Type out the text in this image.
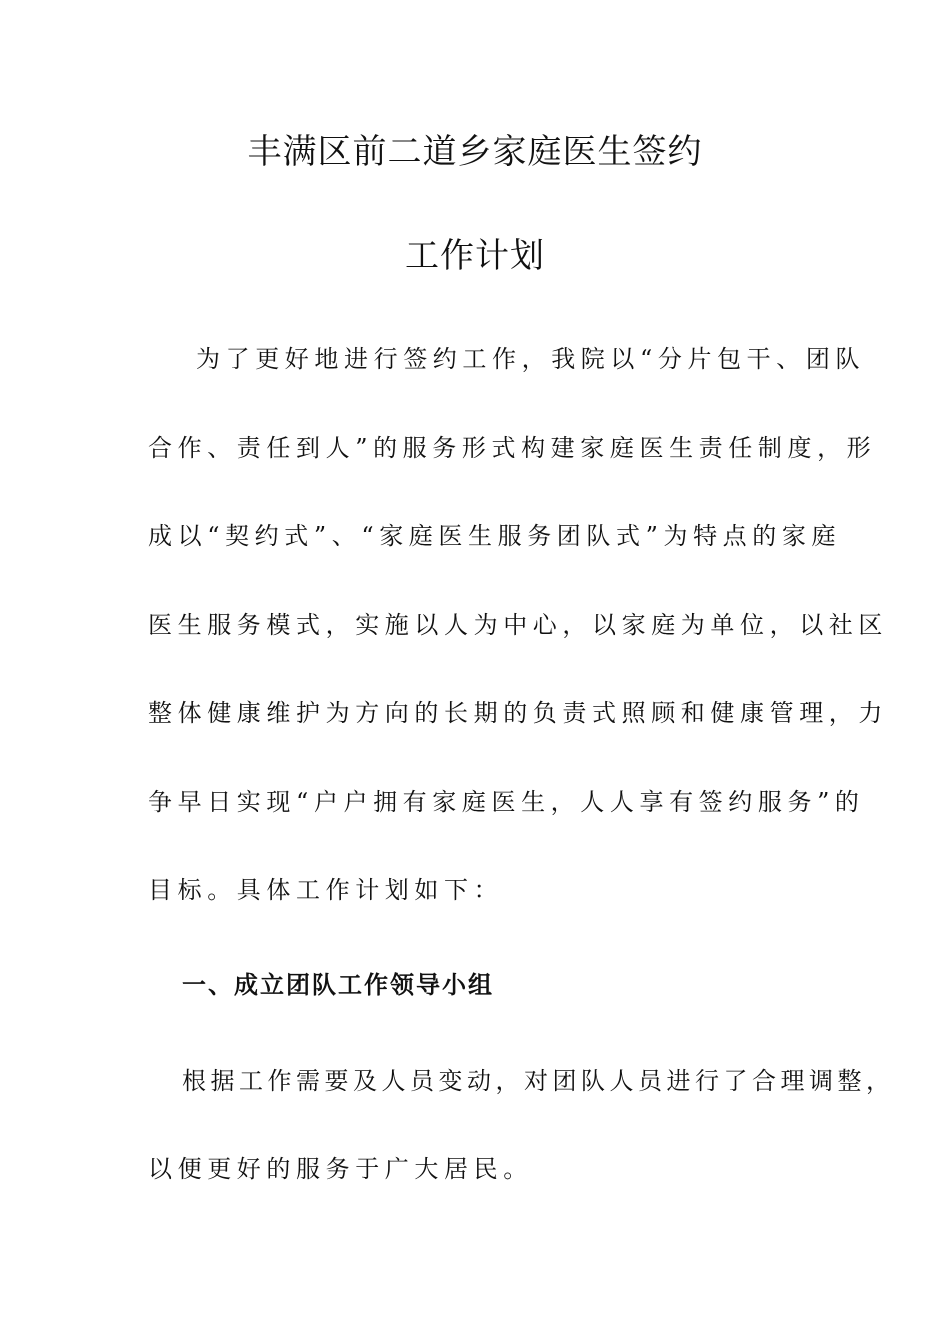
丰满区前二道乡家庭医生签约
工作计划
为了更好地进行签约工作，我院以“分片包干、团队
合作、责任到人”的服务形式构建家庭医生责任制度，形
成以“契约式”、“家庭医生服务团队式”为特点的家庭
医生服务模式，实施以人为中心，以家庭为单位，以社区
整体健康维护为方向的长期的负责式照顾和健康管理，力
争早日实现“户户拥有家庭医生，人人享有签约服务”的
目标。具体工作计划如下：
一、成立团队工作领导小组
根据工作需要及人员变动，对团队人员进行了合理调整，
以便更好的服务于广大居民。
